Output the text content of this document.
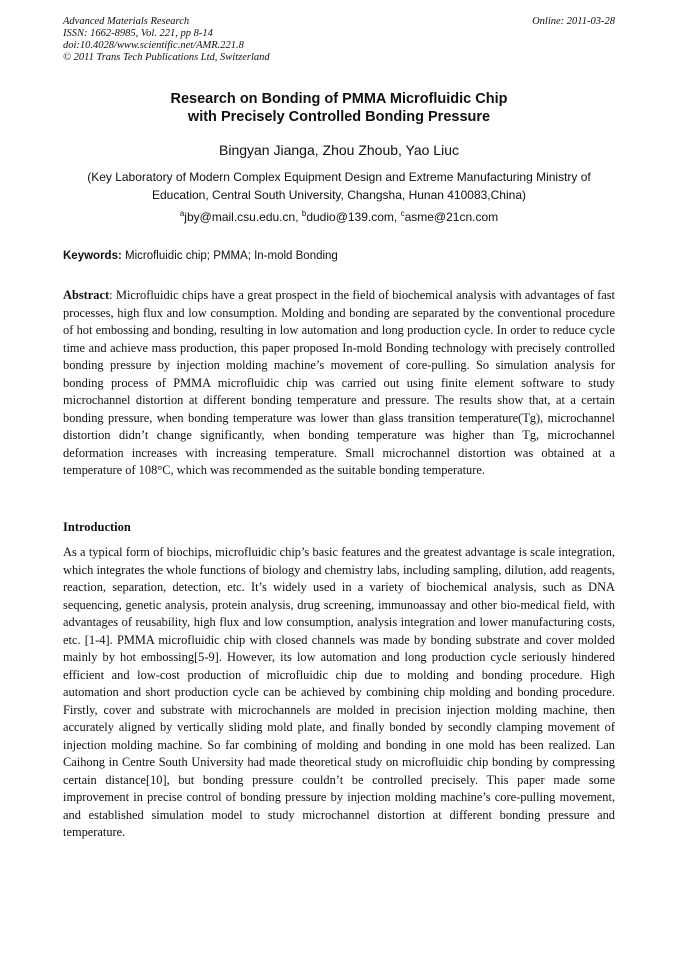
Advanced Materials Research
ISSN: 1662-8985, Vol. 221, pp 8-14
doi:10.4028/www.scientific.net/AMR.221.8
© 2011 Trans Tech Publications Ltd, Switzerland
Online: 2011-03-28
Research on Bonding of PMMA Microfluidic Chip
with Precisely Controlled Bonding Pressure
Bingyan Jianga, Zhou Zhoub, Yao Liuc
(Key Laboratory of Modern Complex Equipment Design and Extreme Manufacturing Ministry of
Education, Central South University, Changsha, Hunan 410083,China)
$^a$jby@mail.csu.edu.cn, $^b$dudio@139.com, $^c$asme@21cn.com
Keywords: Microfluidic chip; PMMA; In-mold Bonding
Abstract: Microfluidic chips have a great prospect in the field of biochemical analysis with advantages of fast processes, high flux and low consumption. Molding and bonding are separated by the conventional procedure of hot embossing and bonding, resulting in low automation and long production cycle. In order to reduce cycle time and achieve mass production, this paper proposed In-mold Bonding technology with precisely controlled bonding pressure by injection molding machine’s movement of core-pulling. So simulation analysis for bonding process of PMMA microfluidic chip was carried out using finite element software to study microchannel distortion at different bonding temperature and pressure. The results show that, at a certain bonding pressure, when bonding temperature was lower than glass transition temperature(Tg), microchannel distortion didn’t change significantly, when bonding temperature was higher than Tg, microchannel deformation increases with increasing temperature. Small microchannel distortion was obtained at a temperature of 108°C, which was recommended as the suitable bonding temperature.
Introduction
As a typical form of biochips, microfluidic chip’s basic features and the greatest advantage is scale integration, which integrates the whole functions of biology and chemistry labs, including sampling, dilution, add reagents, reaction, separation, detection, etc. It’s widely used in a variety of biochemical analysis, such as DNA sequencing, genetic analysis, protein analysis, drug screening, immunoassay and other bio-medical field, with advantages of reusability, high flux and low consumption, analysis integration and lower manufacturing costs, etc. [1-4]. PMMA microfluidic chip with closed channels was made by bonding substrate and cover molded mainly by hot embossing[5-9]. However, its low automation and long production cycle seriously hindered efficient and low-cost production of microfluidic chip due to molding and bonding procedure. High automation and short production cycle can be achieved by combining chip molding and bonding procedure. Firstly, cover and substrate with microchannels are molded in precision injection molding machine, then accurately aligned by vertically sliding mold plate, and finally bonded by secondly clamping movement of injection molding machine. So far combining of molding and bonding in one mold has been realized. Lan Caihong in Centre South University had made theoretical study on microfluidic chip bonding by compressing certain distance[10], but bonding pressure couldn’t be controlled precisely. This paper made some improvement in precise control of bonding pressure by injection molding machine’s core-pulling movement, and established simulation model to study microchannel distortion at different bonding pressure and temperature.
